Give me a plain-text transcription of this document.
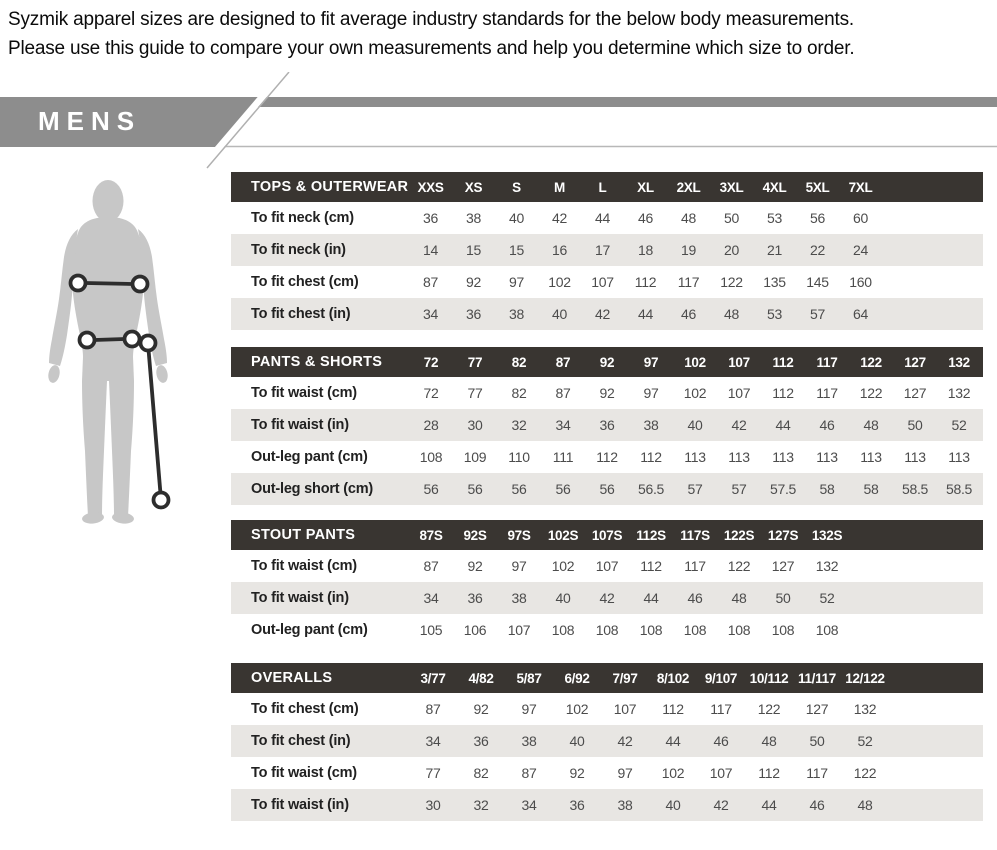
Syzmik apparel sizes are designed to fit average industry standards for the below body measurements.
Please use this guide to compare your own measurements and help you determine which size to order.
MENS
TOPS & OUTERWEAR	XXS	XS	S	M	L	XL	2XL	3XL	4XL	5XL	7XL	
To fit neck (cm)	36	38	40	42	44	46	48	50	53	56	60	
To fit neck (in)	14	15	15	16	17	18	19	20	21	22	24	
To fit chest (cm)	87	92	97	102	107	112	117	122	135	145	160	
To fit chest (in)	34	36	38	40	42	44	46	48	53	57	64	
PANTS & SHORTS	72	77	82	87	92	97	102	107	112	117	122	127	132	
To fit waist (cm)	72	77	82	87	92	97	102	107	112	117	122	127	132	
To fit waist (in)	28	30	32	34	36	38	40	42	44	46	48	50	52	
Out-leg pant (cm)	108	109	110	111	112	112	113	113	113	113	113	113	113	
Out-leg short (cm)	56	56	56	56	56	56.5	57	57	57.5	58	58	58.5	58.5	
STOUT PANTS	87S	92S	97S	102S	107S	112S	117S	122S	127S	132S	
To fit waist (cm)	87	92	97	102	107	112	117	122	127	132	
To fit waist (in)	34	36	38	40	42	44	46	48	50	52	
Out-leg pant (cm)	105	106	107	108	108	108	108	108	108	108	
OVERALLS	3/77	4/82	5/87	6/92	7/97	8/102	9/107	10/112	11/117	12/122	
To fit chest (cm)	87	92	97	102	107	112	117	122	127	132	
To fit chest (in)	34	36	38	40	42	44	46	48	50	52	
To fit waist (cm)	77	82	87	92	97	102	107	112	117	122	
To fit waist (in)	30	32	34	36	38	40	42	44	46	48	
